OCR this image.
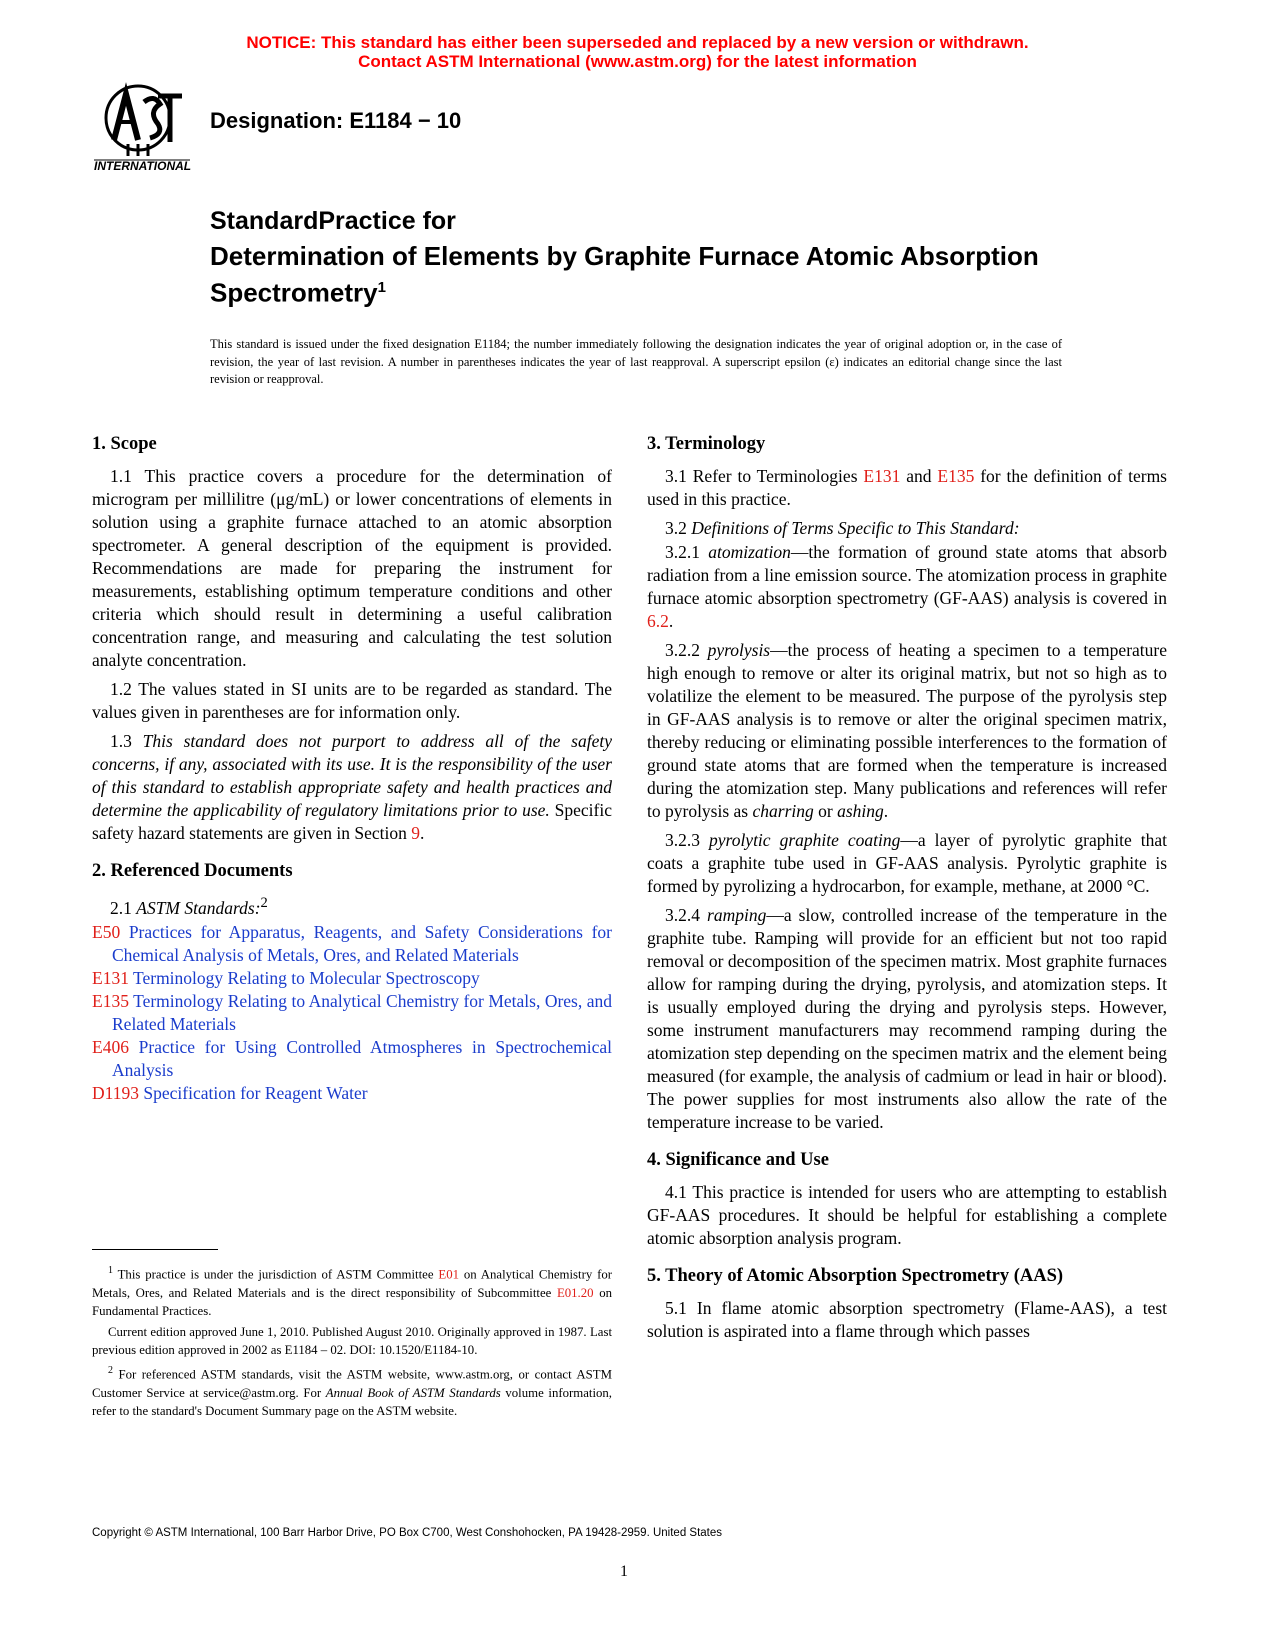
NOTICE: This standard has either been superseded and replaced by a new version or withdrawn.
Contact ASTM International (www.astm.org) for the latest information
INTERNATIONAL
Designation: E1184 − 10
StandardPractice for
Determination of Elements by Graphite Furnace Atomic Absorption Spectrometry$^1$
This standard is issued under the fixed designation E1184; the number immediately following the designation indicates the year of original adoption or, in the case of revision, the year of last revision. A number in parentheses indicates the year of last reapproval. A superscript epsilon (ε) indicates an editorial change since the last revision or reapproval.
1. Scope

1.1 This practice covers a procedure for the determination of microgram per millilitre (μg/mL) or lower concentrations of elements in solution using a graphite furnace attached to an atomic absorption spectrometer. A general description of the equipment is provided. Recommendations are made for preparing the instrument for measurements, establishing optimum temperature conditions and other criteria which should result in determining a useful calibration concentration range, and measuring and calculating the test solution analyte concentration.

1.2 The values stated in SI units are to be regarded as standard. The values given in parentheses are for information only.

1.3 This standard does not purport to address all of the safety concerns, if any, associated with its use. It is the responsibility of the user of this standard to establish appropriate safety and health practices and determine the applicability of regulatory limitations prior to use. Specific safety hazard statements are given in Section 9.

2. Referenced Documents

2.1 ASTM Standards:$^2$

E50 Practices for Apparatus, Reagents, and Safety Considerations for Chemical Analysis of Metals, Ores, and Related Materials
E131 Terminology Relating to Molecular Spectroscopy
E135 Terminology Relating to Analytical Chemistry for Metals, Ores, and Related Materials
E406 Practice for Using Controlled Atmospheres in Spectrochemical Analysis
D1193 Specification for Reagent Water
3. Terminology

3.1 Refer to Terminologies E131 and E135 for the definition of terms used in this practice.

3.2 Definitions of Terms Specific to This Standard:

3.2.1 atomization—the formation of ground state atoms that absorb radiation from a line emission source. The atomization process in graphite furnace atomic absorption spectrometry (GF-AAS) analysis is covered in 6.2.

3.2.2 pyrolysis—the process of heating a specimen to a temperature high enough to remove or alter its original matrix, but not so high as to volatilize the element to be measured. The purpose of the pyrolysis step in GF-AAS analysis is to remove or alter the original specimen matrix, thereby reducing or eliminating possible interferences to the formation of ground state atoms that are formed when the temperature is increased during the atomization step. Many publications and references will refer to pyrolysis as charring or ashing.

3.2.3 pyrolytic graphite coating—a layer of pyrolytic graphite that coats a graphite tube used in GF-AAS analysis. Pyrolytic graphite is formed by pyrolizing a hydrocarbon, for example, methane, at 2000 °C.

3.2.4 ramping—a slow, controlled increase of the temperature in the graphite tube. Ramping will provide for an efficient but not too rapid removal or decomposition of the specimen matrix. Most graphite furnaces allow for ramping during the drying, pyrolysis, and atomization steps. It is usually employed during the drying and pyrolysis steps. However, some instrument manufacturers may recommend ramping during the atomization step depending on the specimen matrix and the element being measured (for example, the analysis of cadmium or lead in hair or blood). The power supplies for most instruments also allow the rate of the temperature increase to be varied.

4. Significance and Use

4.1 This practice is intended for users who are attempting to establish GF-AAS procedures. It should be helpful for establishing a complete atomic absorption analysis program.

5. Theory of Atomic Absorption Spectrometry (AAS)

5.1 In flame atomic absorption spectrometry (Flame-AAS), a test solution is aspirated into a flame through which passes

$^1$ This practice is under the jurisdiction of ASTM Committee E01 on Analytical Chemistry for Metals, Ores, and Related Materials and is the direct responsibility of Subcommittee E01.20 on Fundamental Practices.

Current edition approved June 1, 2010. Published August 2010. Originally approved in 1987. Last previous edition approved in 2002 as E1184 – 02. DOI: 10.1520/E1184-10.

$^2$ For referenced ASTM standards, visit the ASTM website, www.astm.org, or contact ASTM Customer Service at service@astm.org. For Annual Book of ASTM Standards volume information, refer to the standard's Document Summary page on the ASTM website.

Copyright © ASTM International, 100 Barr Harbor Drive, PO Box C700, West Conshohocken, PA 19428-2959. United States
1
